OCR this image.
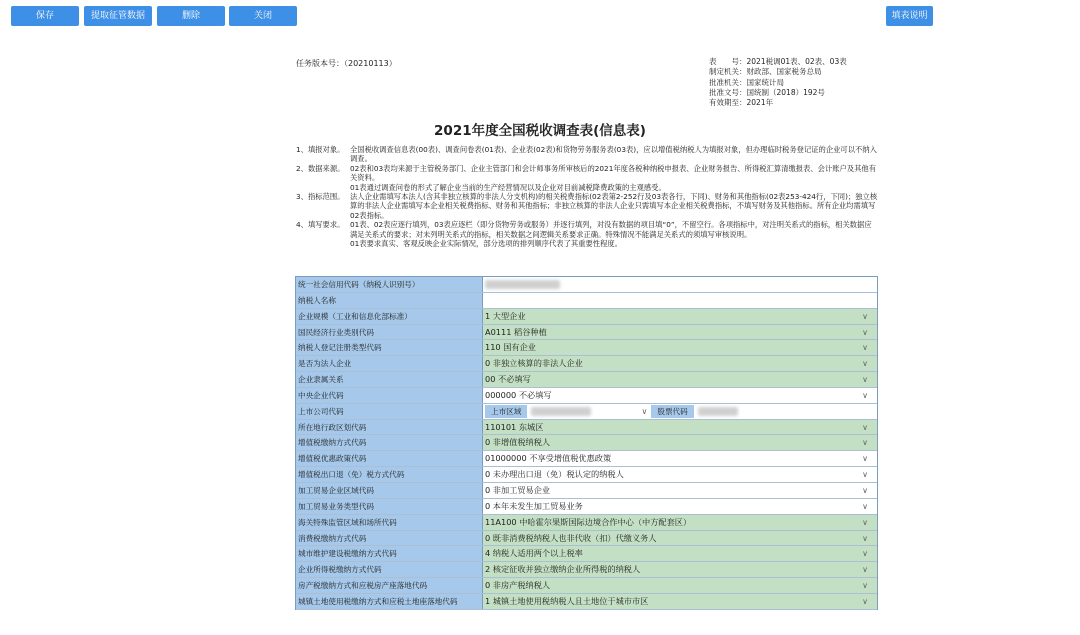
保存	提取征管数据	删除	关闭	填表说明
任务版本号：（20210113）	表　　号：2021税调01表、02表、03表
制定机关：财政部、国家税务总局
批准机关：国家统计局
批准文号：国统制（2018）192号
有效期至：2021年
2021年度全国税收调查表(信息表)
1、填报对象。 全国税收调查信息表(00表)、调查问卷表(01表)、企业表(02表)和货物劳务服务表(03表)，应以增值税纳税人为填报对象，但办理临时税务登记证的企业可以不纳入调查。

2、数据来源。 02表和03表均来源于主管税务部门、企业主管部门和会计师事务所审核后的2021年度各税种纳税申报表、企业财务报告、所得税汇算清缴报表、会计账户及其他有关资料。

01表通过调查问卷的形式了解企业当前的生产经营情况以及企业对目前减税降费政策的主观感受。

3、指标范围。 法人企业需填写本法人(含其非独立核算的非法人分支机构)的相关税费指标(02表第2-252行及03表各行，下同)、财务和其他指标(02表253-424行，下同)；独立核算的非法人企业需填写本企业相关税费指标、财务和其他指标；非独立核算的非法人企业只需填写本企业相关税费指标，不填写财务及其他指标。所有企业均需填写02表指标。

4、填写要求。 01表、02表应逐行填列，03表应逐栏（即分货物劳务或服务）并逐行填列，对没有数据的项目填“0”，不留空行。各项指标中，对注明关系式的指标，相关数据应满足关系式的要求；对未列明关系式的指标，相关数据之间逻辑关系要求正确。特殊情况不能满足关系式的须填写审核说明。

01表要求真实、客观反映企业实际情况，部分选项的排列顺序代表了其重要性程度。

统一社会信用代码（纳税人识别号）
纳税人名称
企业规模（工业和信息化部标准）	1 大型企业	∨
国民经济行业类别代码	A0111 稻谷种植	∨
纳税人登记注册类型代码	110 国有企业	∨
是否为法人企业	0 非独立核算的非法人企业	∨
企业隶属关系	00 不必填写	∨
中央企业代码	000000 不必填写	∨
上市公司代码	上市区域	∨ 股票代码
所在地行政区划代码	110101 东城区	∨
增值税缴纳方式代码	0 非增值税纳税人	∨
增值税优惠政策代码	01000000 不享受增值税优惠政策	∨
增值税出口退（免）税方式代码	0 未办理出口退（免）税认定的纳税人	∨
加工贸易企业区域代码	0 非加工贸易企业	∨
加工贸易业务类型代码	0 本年未发生加工贸易业务	∨
海关特殊监管区域和场所代码	11A100 中哈霍尔果斯国际边境合作中心（中方配套区）	∨
消费税缴纳方式代码	0 既非消费税纳税人也非代收（扣）代缴义务人	∨
城市维护建设税缴纳方式代码	4 纳税人适用两个以上税率	∨
企业所得税缴纳方式代码	2 核定征收并独立缴纳企业所得税的纳税人	∨
房产税缴纳方式和应税房产座落地代码	0 非房产税纳税人	∨
城镇土地使用税缴纳方式和应税土地座落地代码	1 城镇土地使用税纳税人且土地位于城市市区	∨
